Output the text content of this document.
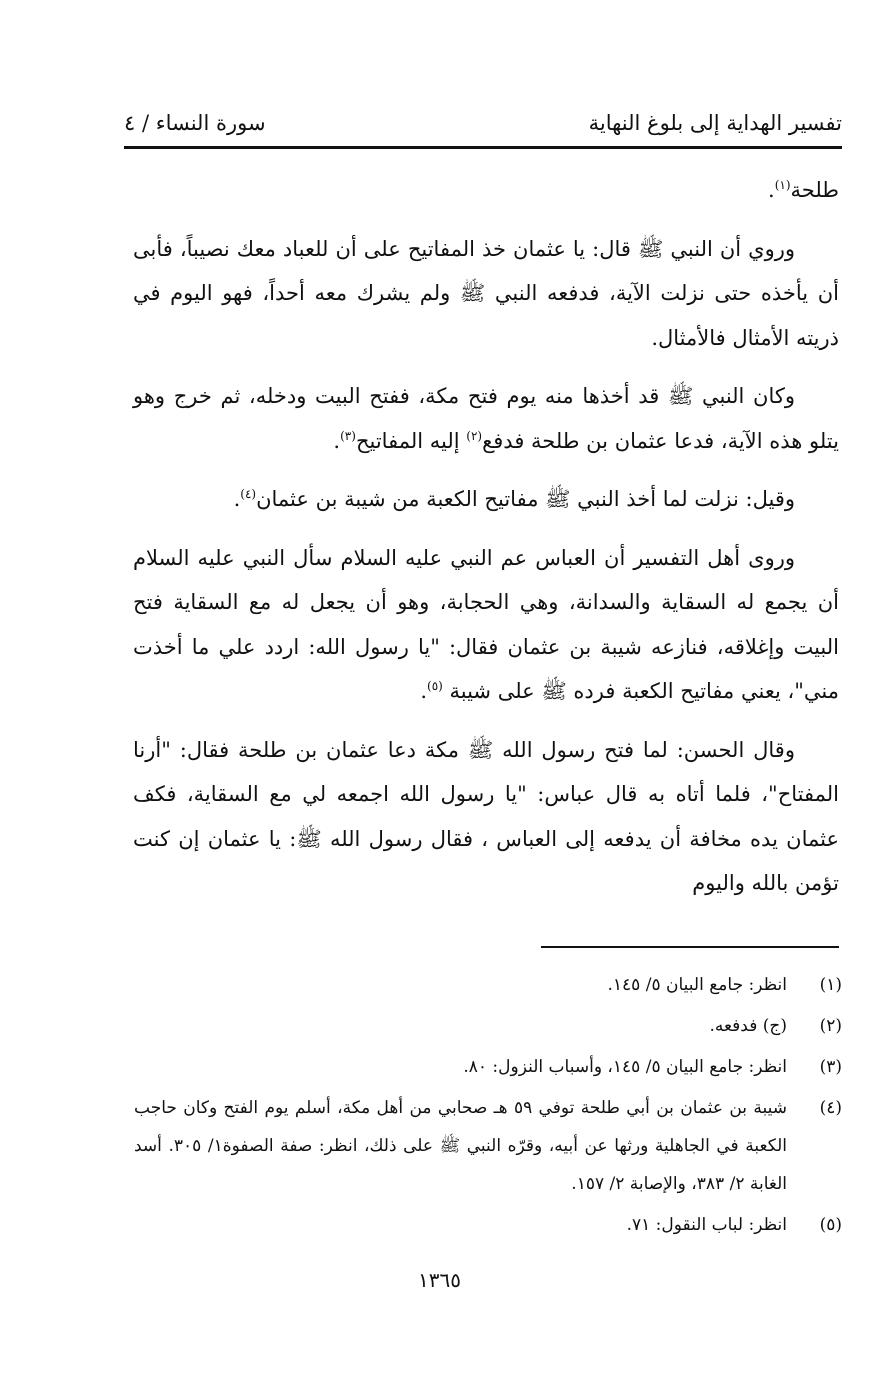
تفسير الهداية إلى بلوغ النهاية
سورة النساء / ٤

طلحة$^{(١)}$.

وروي أن النبي ﷺ قال: يا عثمان خذ المفاتيح على أن للعباد معك نصيباً، فأبى أن يأخذه حتى نزلت الآية، فدفعه النبي ﷺ ولم يشرك معه أحداً، فهو اليوم في ذريته الأمثال فالأمثال.

وكان النبي ﷺ قد أخذها منه يوم فتح مكة، ففتح البيت ودخله، ثم خرج وهو يتلو هذه الآية، فدعا عثمان بن طلحة فدفع$^{(٢)}$ إليه المفاتيح$^{(٣)}$.

وقيل: نزلت لما أخذ النبي ﷺ مفاتيح الكعبة من شيبة بن عثمان$^{(٤)}$.

وروى أهل التفسير أن العباس عم النبي عليه السلام سأل النبي عليه السلام أن يجمع له السقاية والسدانة، وهي الحجابة، وهو أن يجعل له مع السقاية فتح البيت وإغلاقه، فنازعه شيبة بن عثمان فقال: "يا رسول الله: اردد علي ما أخذت مني"، يعني مفاتيح الكعبة فرده ﷺ على شيبة $^{(٥)}$.

وقال الحسن: لما فتح رسول الله ﷺ مكة دعا عثمان بن طلحة فقال: "أرنا المفتاح"، فلما أتاه به قال عباس: "يا رسول الله اجمعه لي مع السقاية، فكف عثمان يده مخافة أن يدفعه إلى العباس ، فقال رسول الله ﷺ: يا عثمان إن كنت تؤمن بالله واليوم

(١)
انظر: جامع البيان ٥/ ١٤٥.
(٢)
(ج) فدفعه.
(٣)
انظر: جامع البيان ٥/ ١٤٥، وأسباب النزول: ٨٠.
(٤)
شيبة بن عثمان بن أبي طلحة توفي ٥٩ هـ صحابي من أهل مكة، أسلم يوم الفتح وكان حاجب الكعبة في الجاهلية ورثها عن أبيه، وقرّه النبي ﷺ على ذلك، انظر: صفة الصفوة١/ ٣٠٥. أسد الغابة ٢/ ٣٨٣، والإصابة ٢/ ١٥٧.
(٥)
انظر: لباب النقول: ٧١.
١٣٦٥
